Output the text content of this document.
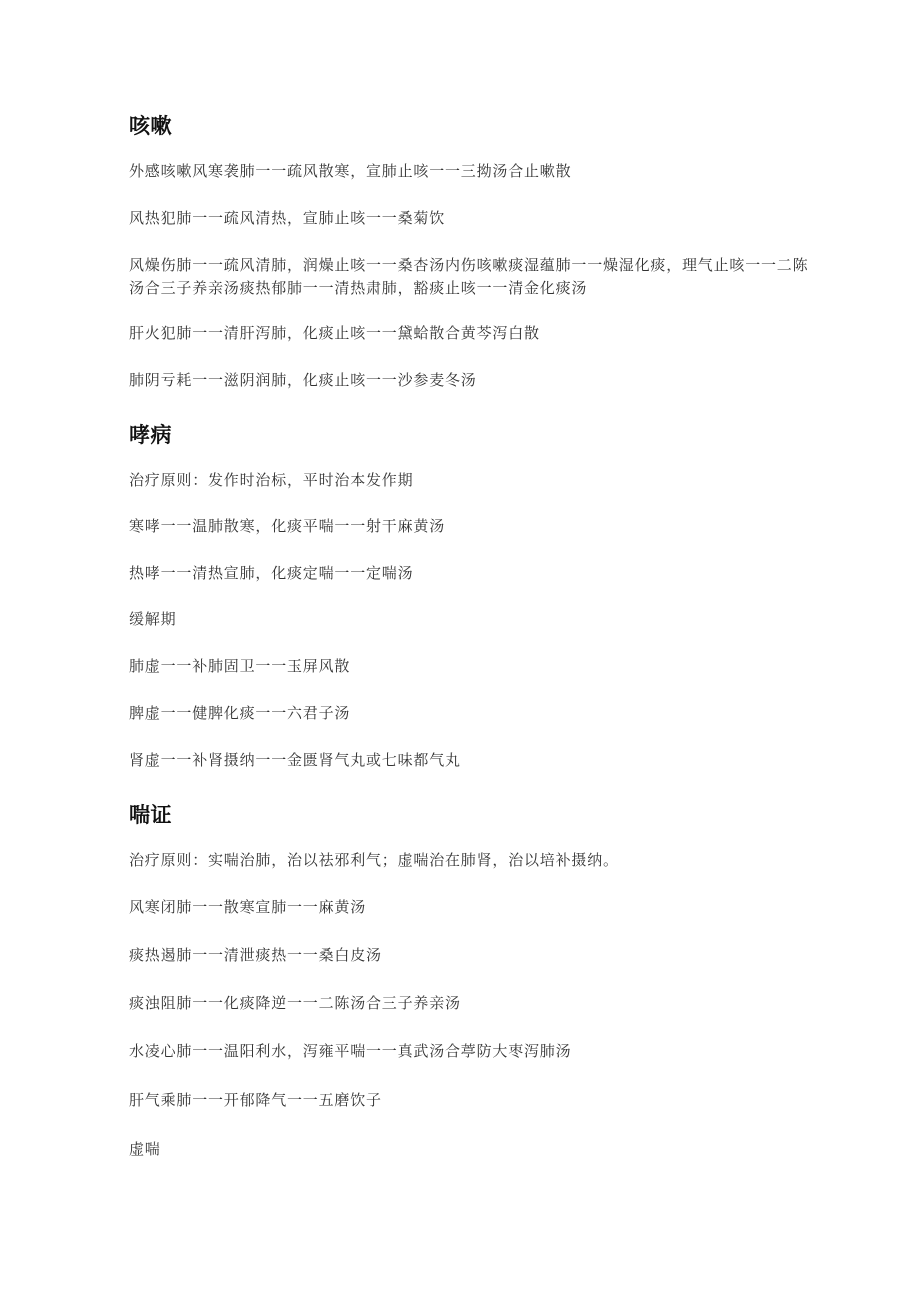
咳嗽
外感咳嗽风寒袭肺一一疏风散寒，宣肺止咳一一三拗汤合止嗽散
风热犯肺一一疏风清热，宣肺止咳一一桑菊饮
风燥伤肺一一疏风清肺，润燥止咳一一桑杏汤内伤咳嗽痰湿蕴肺一一燥湿化痰，理气止咳一一二陈汤合三子养亲汤痰热郁肺一一清热肃肺，豁痰止咳一一清金化痰汤
肝火犯肺一一清肝泻肺，化痰止咳一一黛蛤散合黄芩泻白散
肺阴亏耗一一滋阴润肺，化痰止咳一一沙参麦冬汤
哮病
治疗原则：发作时治标，平时治本发作期
寒哮一一温肺散寒，化痰平喘一一射干麻黄汤
热哮一一清热宣肺，化痰定喘一一定喘汤
缓解期
肺虚一一补肺固卫一一玉屏风散
脾虚一一健脾化痰一一六君子汤
肾虚一一补肾摄纳一一金匮肾气丸或七味都气丸
喘证
治疗原则：实喘治肺，治以祛邪利气；虚喘治在肺肾，治以培补摄纳。
风寒闭肺一一散寒宣肺一一麻黄汤
痰热遏肺一一清泄痰热一一桑白皮汤
痰浊阻肺一一化痰降逆一一二陈汤合三子养亲汤
水凌心肺一一温阳利水，泻雍平喘一一真武汤合葶防大枣泻肺汤
肝气乘肺一一开郁降气一一五磨饮子
虚喘
